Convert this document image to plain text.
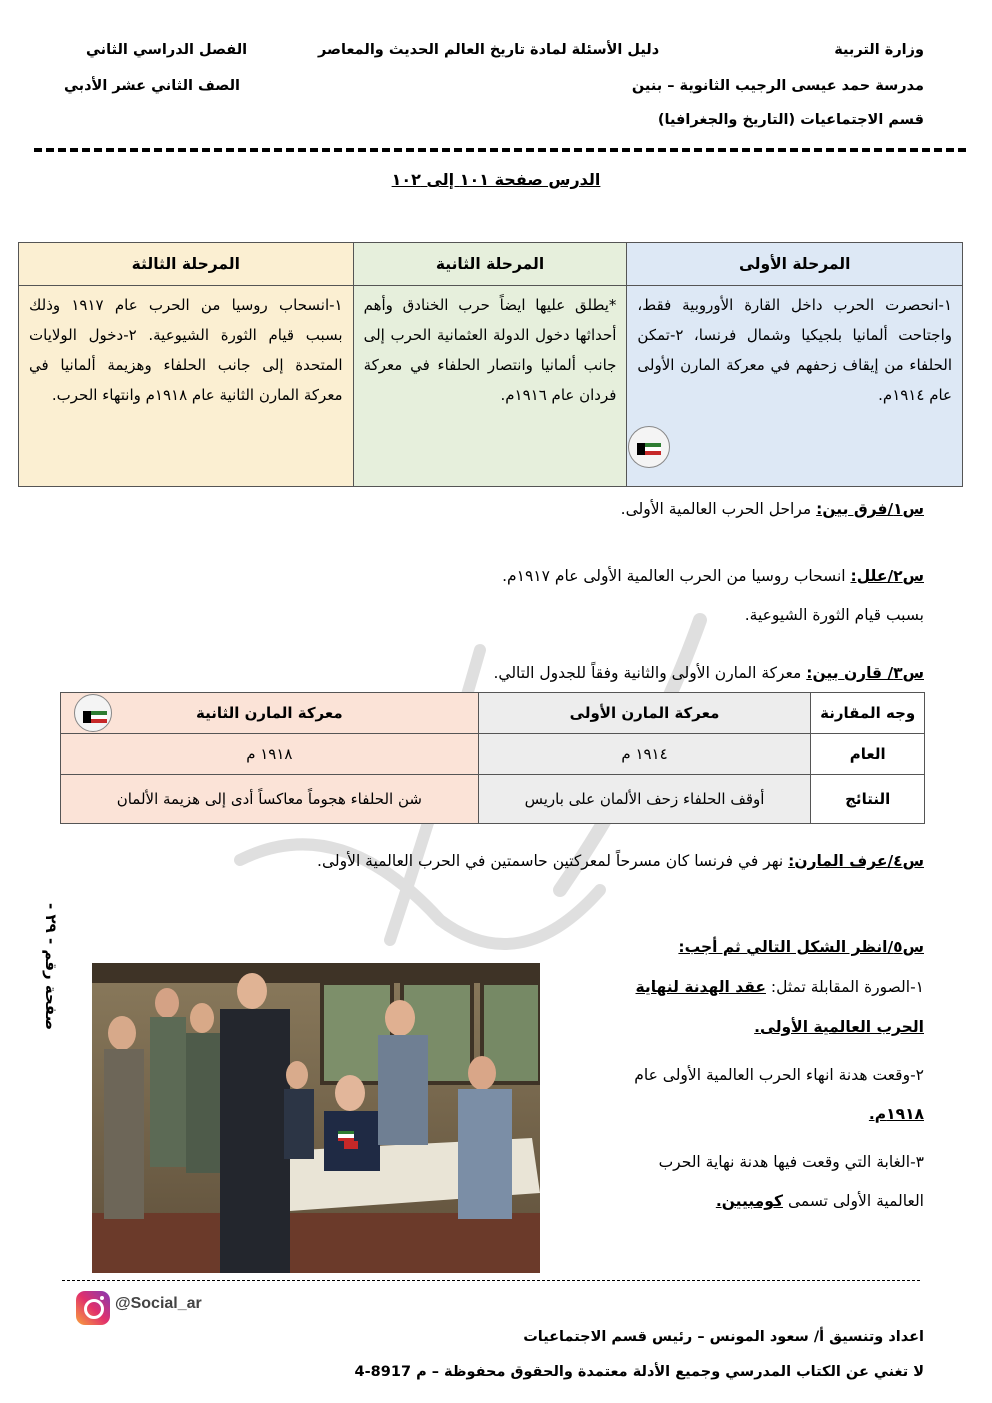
وزارة التربية
مدرسة حمد عيسى الرجيب الثانوية – بنين
قسم الاجتماعيات (التاريخ والجغرافيا)
دليل الأسئلة لمادة تاريخ العالم الحديث والمعاصر
الفصل الدراسي الثاني
الصف الثاني عشر الأدبي
الدرس صفحة ١٠١ إلى ١٠٢
المرحلة الأولى	المرحلة الثانية	المرحلة الثالثة
١-انحصرت الحرب داخل القارة الأوروبية فقط، واجتاحت ألمانيا بلجيكيا وشمال فرنسا، ٢-تمكن الحلفاء من إيقاف زحفهم في معركة المارن الأولى عام ١٩١٤م.	*يطلق عليها ايضاً حرب الخنادق وأهم أحداثها دخول الدولة العثمانية الحرب إلى جانب ألمانيا وانتصار الحلفاء في معركة فردان عام ١٩١٦م.	١-انسحاب روسيا من الحرب عام ١٩١٧ وذلك بسبب قيام الثورة الشيوعية. ٢-دخول الولايات المتحدة إلى جانب الحلفاء وهزيمة ألمانيا في معركة المارن الثانية عام ١٩١٨م وانتهاء الحرب.
س١/فرق بين: مراحل الحرب العالمية الأولى.
س٢/علل: انسحاب روسيا من الحرب العالمية الأولى عام ١٩١٧م.
بسبب قيام الثورة الشيوعية.
س٣/ قارن بين: معركة المارن الأولى والثانية وفقاً للجدول التالي.
وجه المقارنة	معركة المارن الأولى	معركة المارن الثانية
العام	١٩١٤ م	١٩١٨ م
النتائج	أوقف الحلفاء زحف الألمان على باريس	شن الحلفاء هجوماً معاكساً أدى إلى هزيمة الألمان
س٤/عرف المارن: نهر في فرنسا كان مسرحاً لمعركتين حاسمتين في الحرب العالمية الأولى.
صفحة رقم - ٢٩ -	س٥/انظر الشكل التالي ثم أجب:
١-الصورة المقابلة تمثل: عقد الهدنة لنهاية
الحرب العالمية الأولى.
٢-وقعت هدنة انهاء الحرب العالمية الأولى عام
١٩١٨م.
٣-الغابة التي وقعت فيها هدنة نهاية الحرب
العالمية الأولى تسمى كومبيين.
@Social_ar
اعداد وتنسيق أ/ سعود المونس – رئيس قسم الاجتماعيات
لا تغني عن الكتاب المدرسي وجميع الأدلة معتمدة والحقوق محفوظة – م 8917-4
